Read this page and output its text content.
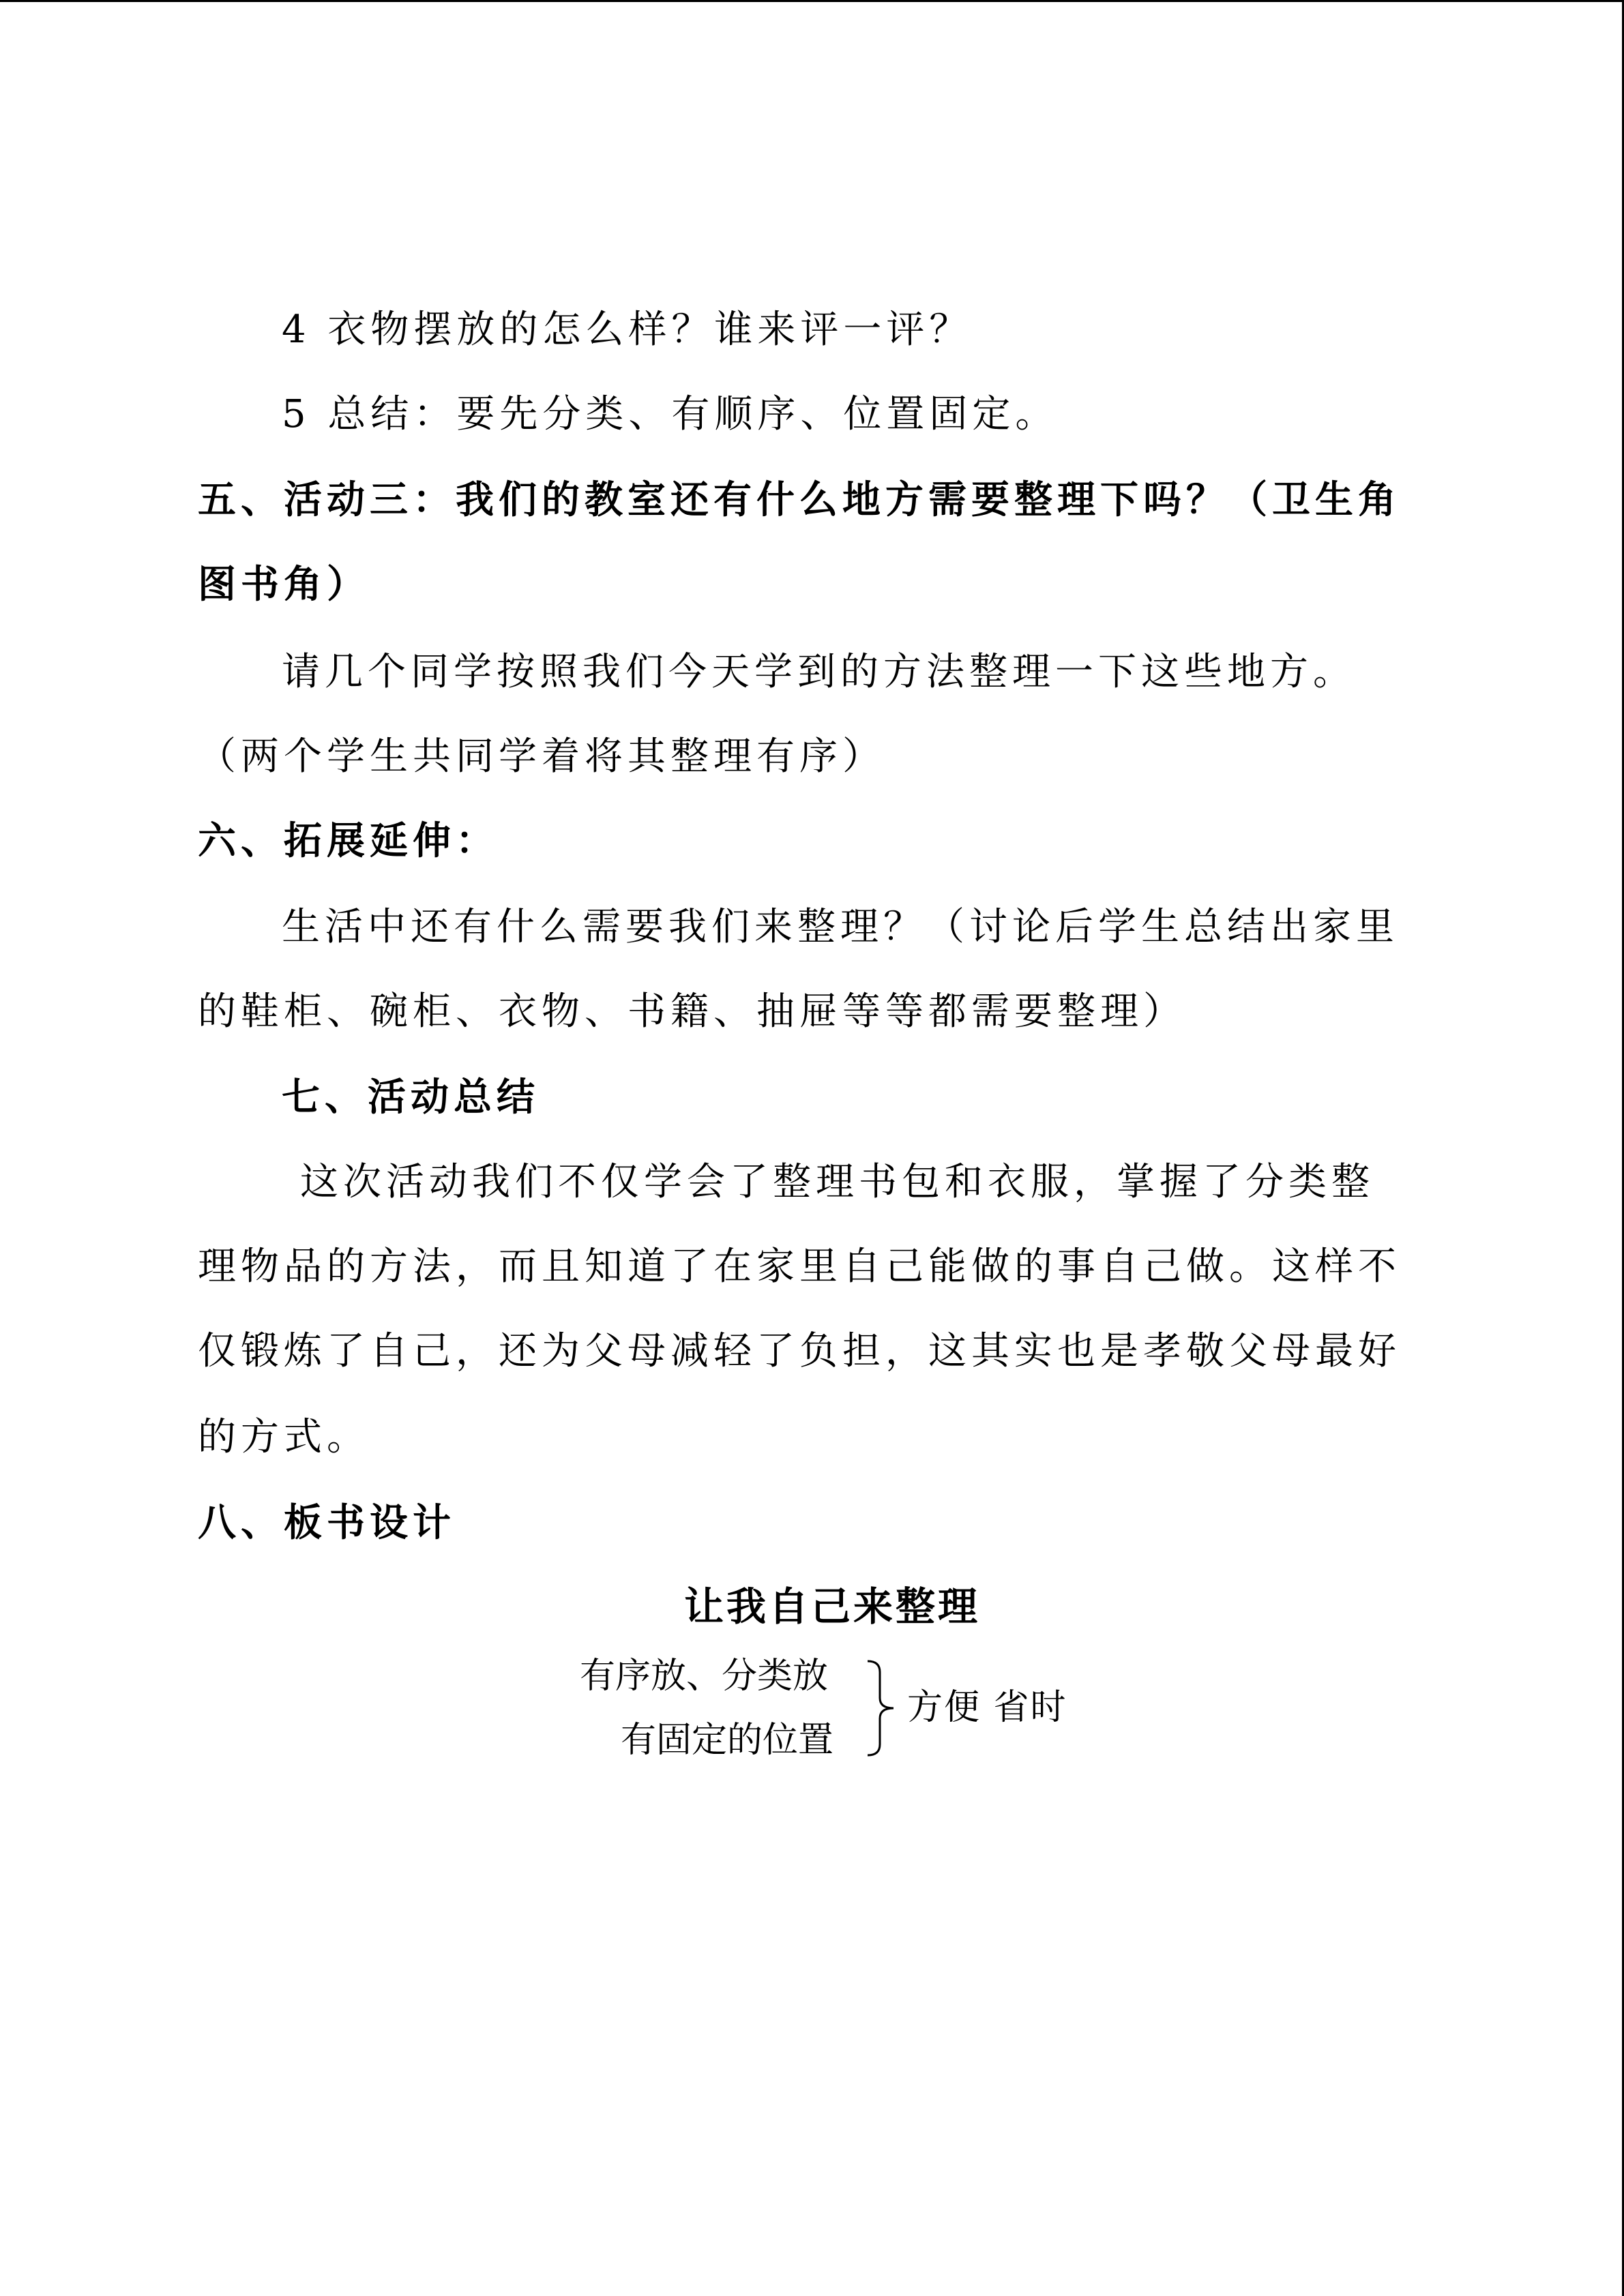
4 衣物摆放的怎么样？谁来评一评？
5 总结：要先分类、有顺序、位置固定。
五、活动三：我们的教室还有什么地方需要整理下吗？（卫生角
图书角）
请几个同学按照我们今天学到的方法整理一下这些地方。
（两个学生共同学着将其整理有序）
六、拓展延伸：
生活中还有什么需要我们来整理？（讨论后学生总结出家里
的鞋柜、碗柜、衣物、书籍、抽屉等等都需要整理）
七、活动总结
这次活动我们不仅学会了整理书包和衣服，掌握了分类整
理物品的方法，而且知道了在家里自己能做的事自己做。这样不
仅锻炼了自己，还为父母减轻了负担，这其实也是孝敬父母最好
的方式。
八、板书设计
让我自己来整理
有序放、分类放
有固定的位置
方便 省时
